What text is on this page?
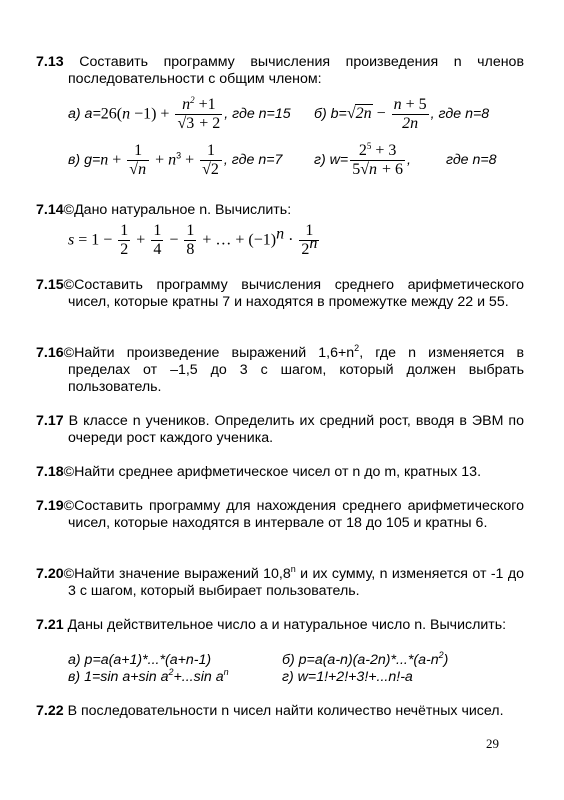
7.13 Составить программу вычисления произведения n членов последовательности с общим членом:
а) $a=26(n -1) + \frac{n^2 +1}{√3 + 2}$ , где n=15 б) $b=√2n - \frac{n + 5}{2n}$ , где n=8
в) $g=n + \frac{1}{√n} + n^3 + \frac{1}{√2}$ , где n=7 г) $w= \frac{2^5 + 3}{5√n + 6}$ , где n=8
7.14©Дано натуральное n. Вычислить:
$s = 1 - \frac{1}{2} + \frac{1}{4} - \frac{1}{8}$ + … + $(-1)^n \cdot \frac{1}{2^n}$
7.15©Составить программу вычисления среднего арифметического чисел, которые кратны 7 и находятся в промежутке между 22 и 55.
7.16©Найти произведение выражений $1,6+n^2$, где n изменяется в пределах от –1,5 до 3 с шагом, который должен выбрать пользователь.
7.17 В классе n учеников. Определить их средний рост, вводя в ЭВМ по очереди рост каждого ученика.
7.18©Найти среднее арифметическое чисел от n до m, кратных 13.
7.19©Составить программу для нахождения среднего арифметического чисел, которые находятся в интервале от 18 до 105 и кратны 6.
7.20©Найти значение выражений 10,8$^n$ и их сумму, n изменяется от -1 до 3 с шагом, который выбирает пользователь.
7.21 Даны действительное число a и натуральное число n. Вычислить:
а) p=a(a+1)*...*(a+n-1)	б) $p=a(a-n)(a-2n)*...*(a-n^2)$
в) 1=sin a+sin $a^2+...\sin$ $a^n$	г) w=1!+2!+3!+...n!-a
7.22 В последовательности n чисел найти количество нечётных чисел.
29
